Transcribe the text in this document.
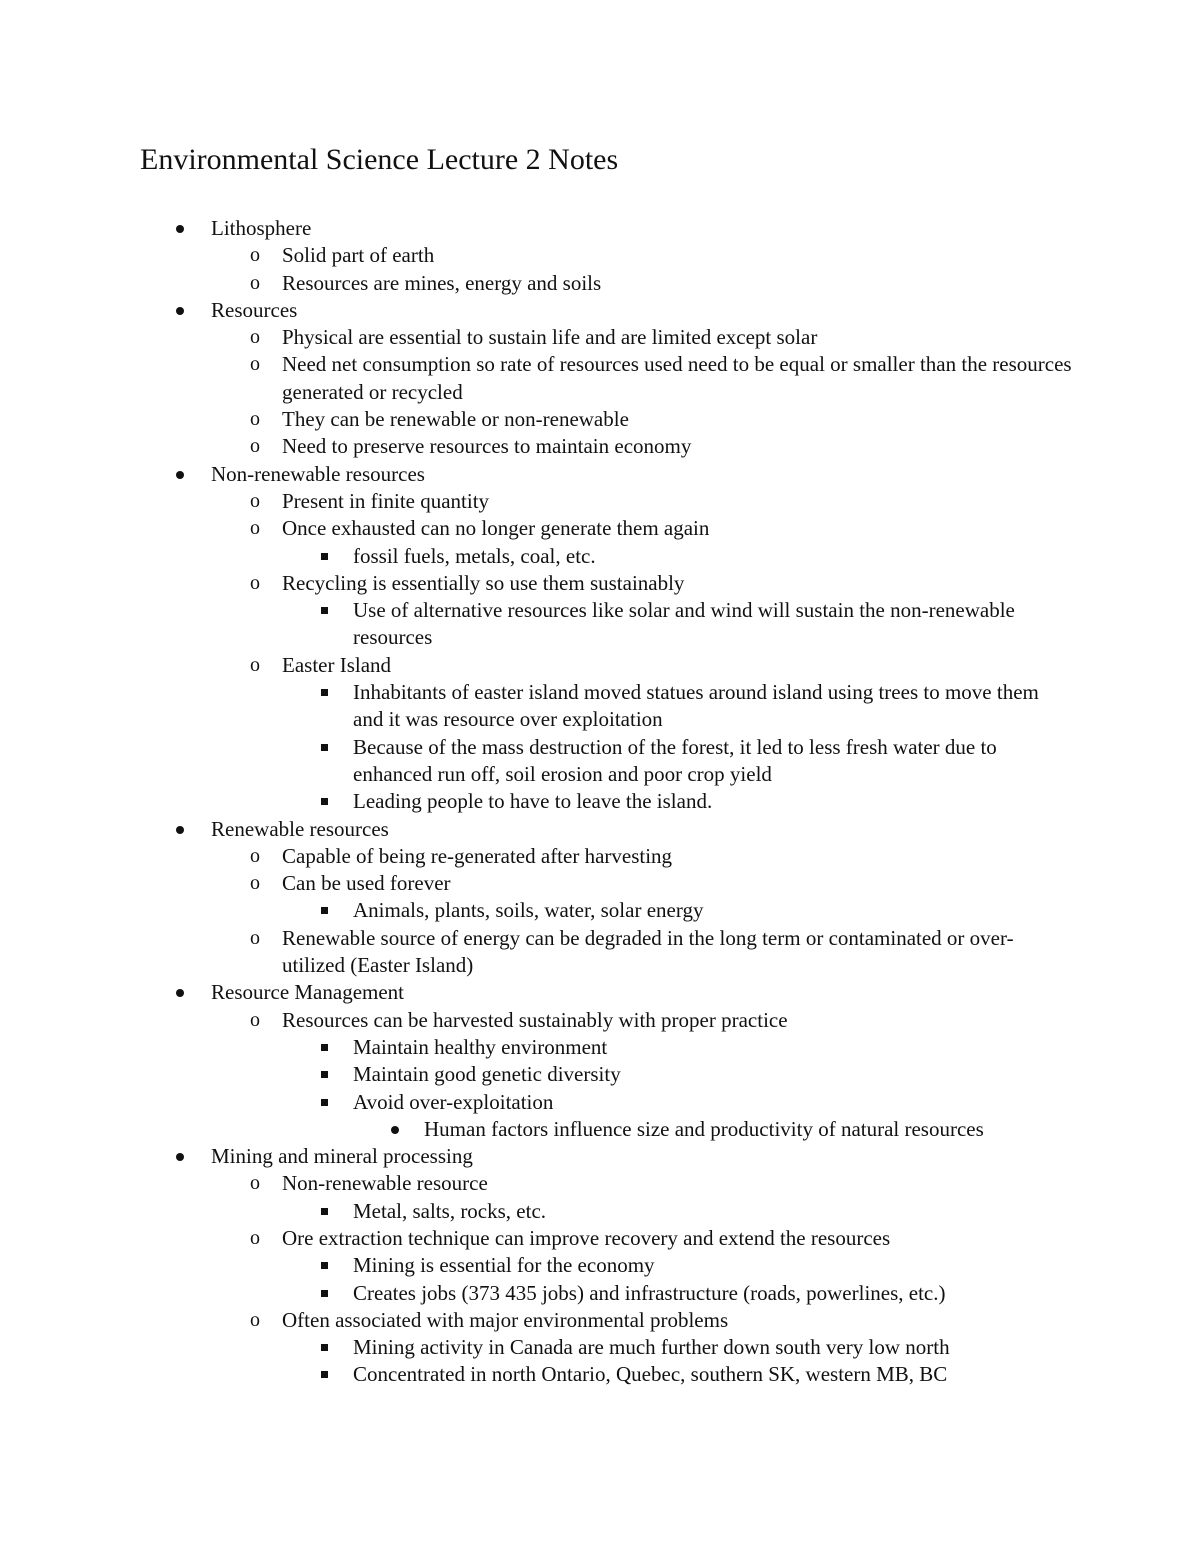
Environmental Science Lecture 2 Notes
Lithosphere
o Solid part of earth
o Resources are mines, energy and soils
Resources
o Physical are essential to sustain life and are limited except solar
o Need net consumption so rate of resources used need to be equal or smaller than the resources generated or recycled
o They can be renewable or non-renewable
o Need to preserve resources to maintain economy
Non-renewable resources
o Present in finite quantity
o Once exhausted can no longer generate them again
fossil fuels, metals, coal, etc.
o Recycling is essentially so use them sustainably
Use of alternative resources like solar and wind will sustain the non-renewable resources
o Easter Island
Inhabitants of easter island moved statues around island using trees to move them and it was resource over exploitation
Because of the mass destruction of the forest, it led to less fresh water due to enhanced run off, soil erosion and poor crop yield
Leading people to have to leave the island.
Renewable resources
o Capable of being re-generated after harvesting
o Can be used forever
Animals, plants, soils, water, solar energy
o Renewable source of energy can be degraded in the long term or contaminated or over-utilized (Easter Island)
Resource Management
o Resources can be harvested sustainably with proper practice
Maintain healthy environment
Maintain good genetic diversity
Avoid over-exploitation
Human factors influence size and productivity of natural resources
Mining and mineral processing
o Non-renewable resource
Metal, salts, rocks, etc.
o Ore extraction technique can improve recovery and extend the resources
Mining is essential for the economy
Creates jobs (373 435 jobs) and infrastructure (roads, powerlines, etc.)
o Often associated with major environmental problems
Mining activity in Canada are much further down south very low north
Concentrated in north Ontario, Quebec, southern SK, western MB, BC
